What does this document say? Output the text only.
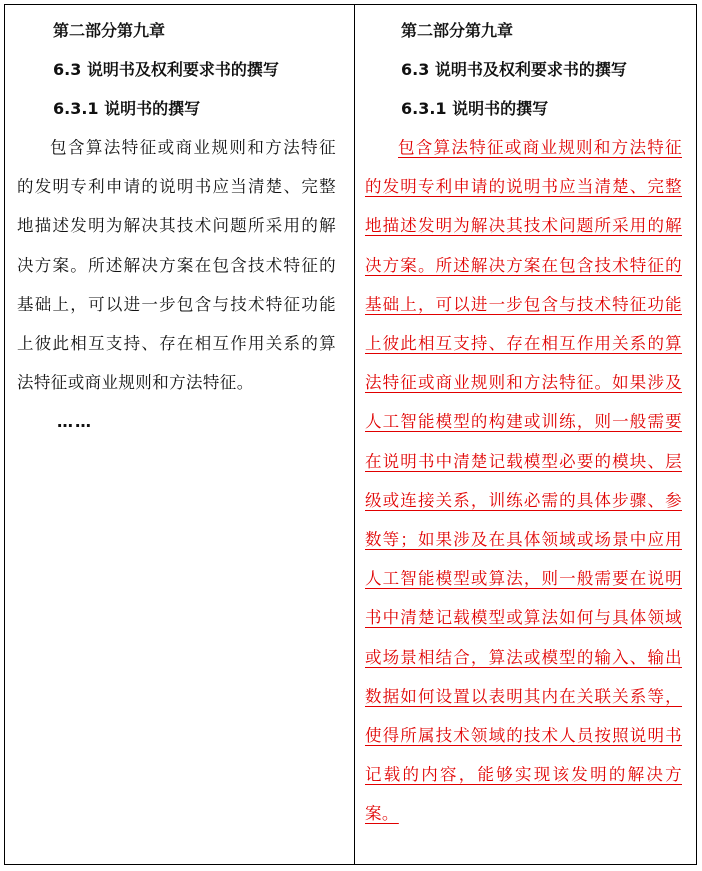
第二部分第九章
6.3 说明书及权利要求书的撰写
6.3.1 说明书的撰写

包含算法特征或商业规则和方法特征的发明专利申请的说明书应当清楚、完整地描述发明为解决其技术问题所采用的解决方案。所述解决方案在包含技术特征的基础上，可以进一步包含与技术特征功能上彼此相互支持、存在相互作用关系的算法特征或商业规则和方法特征。

……
第二部分第九章
6.3 说明书及权利要求书的撰写
6.3.1 说明书的撰写

包含算法特征或商业规则和方法特征的发明专利申请的说明书应当清楚、完整地描述发明为解决其技术问题所采用的解决方案。所述解决方案在包含技术特征的基础上，可以进一步包含与技术特征功能上彼此相互支持、存在相互作用关系的算法特征或商业规则和方法特征。如果涉及人工智能模型的构建或训练，则一般需要在说明书中清楚记载模型必要的模块、层级或连接关系，训练必需的具体步骤、参数等；如果涉及在具体领域或场景中应用人工智能模型或算法，则一般需要在说明书中清楚记载模型或算法如何与具体领域或场景相结合，算法或模型的输入、输出数据如何设置以表明其内在关联关系等，使得所属技术领域的技术人员按照说明书记载的内容，能够实现该发明的解决方案。
